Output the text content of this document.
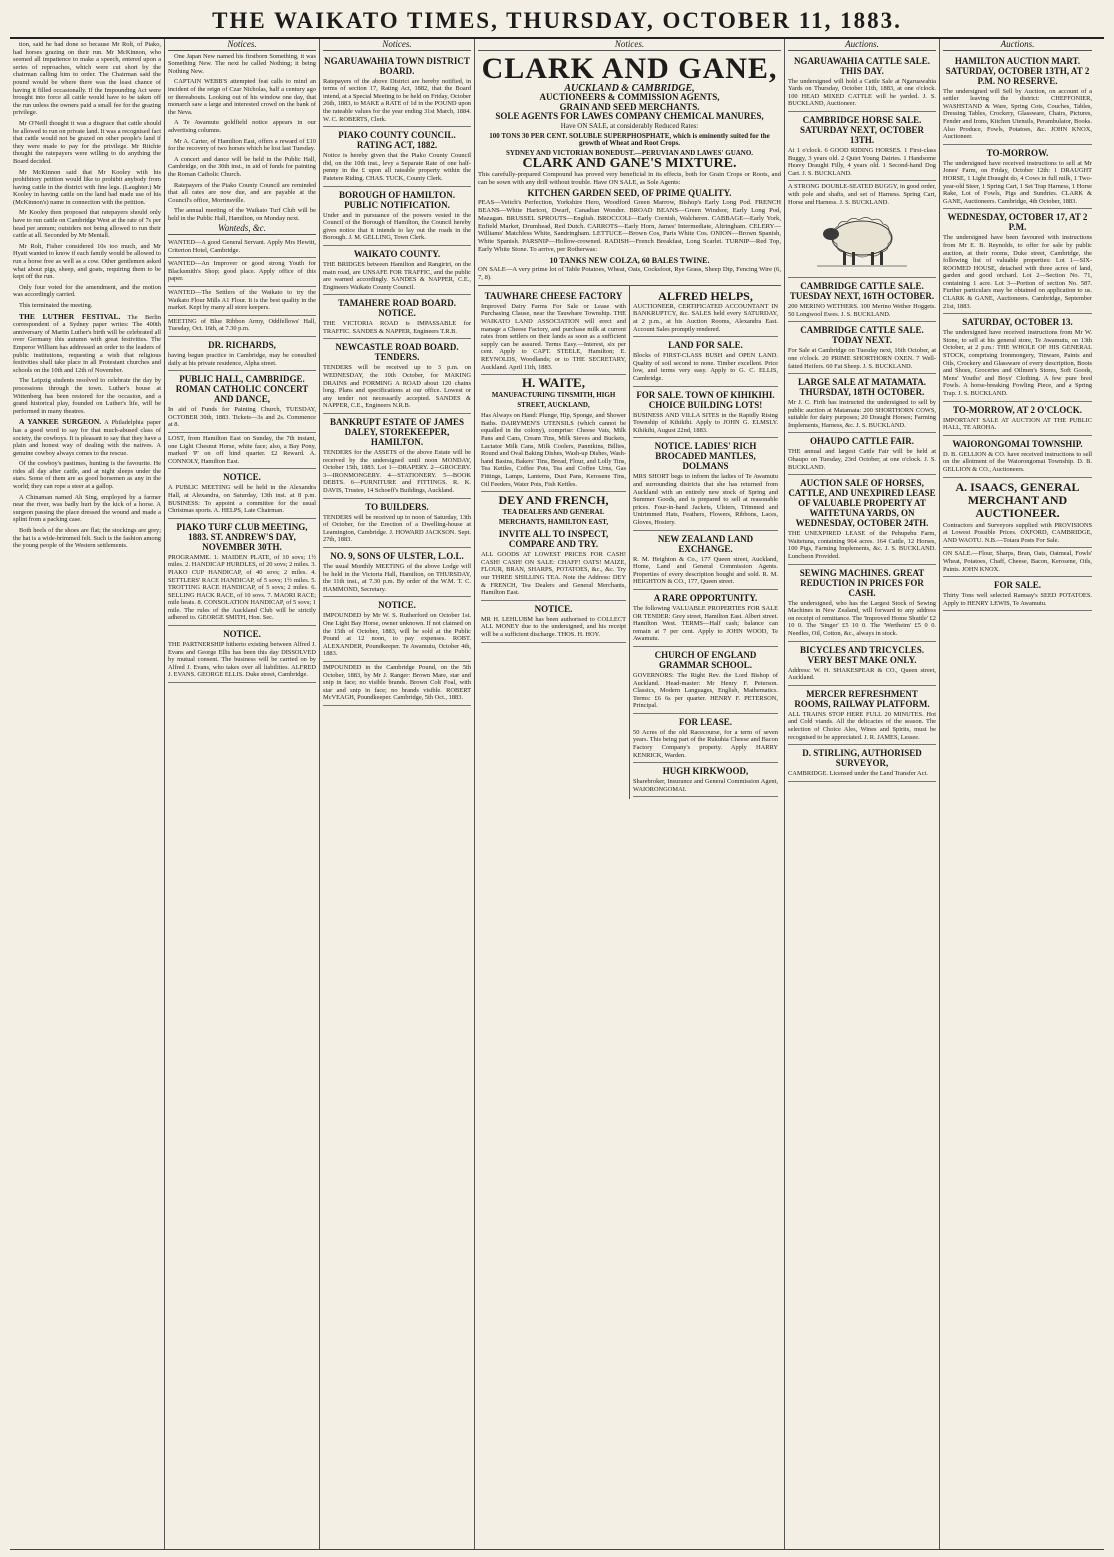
THE WAIKATO TIMES, THURSDAY, OCTOBER 11, 1883.

tion, said he had done so because Mr Rolt, of Piako, had horses grazing on their run. Mr McKinnon, who seemed all impatience to make a speech, entered upon a series of reproaches, which were cut short by the chairman calling him to order. The Chairman said the pound would be where there was the least chance of having it filled occasionally. If the Impounding Act were brought into force all cattle would have to be taken off the run unless the owners paid a small fee for the grazing privilege.

Mr O'Neill thought it was a disgrace that cattle should be allowed to run on private land. It was a recognised fact that cattle would not be grazed on other people's land if they were made to pay for the privilege. Mr Ritchie thought the ratepayers were willing to do anything the Board decided.

Mr McKinnon said that Mr Kooley with his prohibitory petition would like to prohibit anybody from having cattle in the district with fine legs. (Laughter.) Mr Kooley in having cattle on the land had made use of his (McKinnon's) name in connection with the petition.

Mr Kooley then proposed that ratepayers should only have to run cattle on Cambridge West at the rate of 7s per head per annum; outsiders not being allowed to run their cattle at all. Seconded by Mr Mentall.

Mr Rolt, Fisher considered 10s too much, and Mr Hyatt wanted to know if each family would be allowed to run a horse free as well as a cow. Other gentlemen asked what about pigs, sheep, and goats, requiring them to be kept off the run.

Only four voted for the amendment, and the motion was accordingly carried.

This terminated the meeting.

THE LUTHER FESTIVAL. The Berlin correspondent of a Sydney paper writes: The 400th anniversary of Martin Luther's birth will be celebrated all over Germany this autumn with great festivities. The Emperor William has addressed an order to the leaders of public institutions, requesting a wish that religious festivities shall take place in all Protestant churches and schools on the 10th and 12th of November.

The Leipzig students resolved to celebrate the day by processions through the town. Luther's house at Wittenberg has been restored for the occasion, and a grand historical play, founded on Luther's life, will be performed in many theatres.

A YANKEE SURGEON. A Philadelphia paper has a good word to say for that much-abused class of society, the cowboys. It is pleasant to say that they have a plain and honest way of dealing with the natives. A genuine cowboy always comes to the rescue.

Of the cowboy's pastimes, hunting is the favourite. He rides all day after cattle, and at night sleeps under the stars. Some of them are as good horsemen as any in the world; they can rope a steer at a gallop.

A Chinaman named Ah Sing, employed by a farmer near the river, was badly hurt by the kick of a horse. A surgeon passing the place dressed the wound and made a splint from a packing case.

Both heels of the shoes are flat; the stockings are grey; the hat is a wide-brimmed felt. Such is the fashion among the young people of the Western settlements.

Notices.

One Japan New named his firstborn Something, it was Something New. The next he called Nothing; it being Nothing New.

CAPTAIN WEBB'S attempted feat calls to mind an incident of the reign of Czar Nicholas, half a century ago or thereabouts. Looking out of his window one day, that monarch saw a large and interested crowd on the bank of the Neva.

A Te Awamutu goldfield notice appears in our advertising columns.

Mr A. Carter, of Hamilton East, offers a reward of £10 for the recovery of two horses which he lost last Tuesday.

A concert and dance will be held in the Public Hall, Cambridge, on the 30th inst., in aid of funds for painting the Roman Catholic Church.

Ratepayers of the Piako County Council are reminded that all rates are now due, and are payable at the Council's office, Morrinsville.

The annual meeting of the Waikato Turf Club will be held in the Public Hall, Hamilton, on Monday next.

Wanteds, &c.
WANTED—A good General Servant. Apply Mrs Hewitt, Criterion Hotel, Cambridge.
WANTED—An Improver or good strong Youth for Blacksmith's Shop; good place. Apply office of this paper.
WANTED—The Settlers of the Waikato to try the Waikato Flour Mills A1 Flour. It is the best quality in the market. Kept by many all store keepers.
MEETING of Blue Ribbon Army, Oddfellows' Hall, Tuesday, Oct. 16th, at 7.30 p.m.
DR. RICHARDS,
having begun practice in Cambridge, may be consulted daily at his private residence, Alpha street.
PUBLIC HALL, CAMBRIDGE. ROMAN CATHOLIC CONCERT AND DANCE,
In aid of Funds for Painting Church, TUESDAY, OCTOBER 30th, 1883. Tickets—3s and 2s. Commence at 8.
LOST, from Hamilton East on Sunday, the 7th instant, one Light Chesnut Horse, white face; also, a Bay Pony, marked 'P' on off hind quarter. £2 Reward. A. CONNOLY, Hamilton East.
NOTICE.
A PUBLIC MEETING will be held in the Alexandra Hall, at Alexandra, on Saturday, 13th inst. at 8 p.m. BUSINESS: To appoint a committee for the usual Christmas sports. A. HELPS, Late Chairman.
PIAKO TURF CLUB MEETING, 1883. ST. ANDREW'S DAY, NOVEMBER 30TH.
PROGRAMME. 1. MAIDEN PLATE, of 10 sovs; 1½ miles. 2. HANDICAP HURDLES, of 20 sovs; 2 miles. 3. PIAKO CUP HANDICAP, of 40 sovs; 2 miles. 4. SETTLERS' RACE HANDICAP, of 5 sovs; 1½ miles. 5. TROTTING RACE HANDICAP, of 5 sovs; 2 miles. 6. SELLING HACK RACE, of 10 sovs. 7. MAORI RACE; mile heats. 8. CONSOLATION HANDICAP, of 5 sovs; 1 mile. The rules of the Auckland Club will be strictly adhered to. GEORGE SMITH, Hon. Sec.
NOTICE.
THE PARTNERSHIP hitherto existing between Alfred J. Evans and George Ellis has been this day DISSOLVED by mutual consent. The business will be carried on by Alfred J. Evans, who takes over all liabilities. ALFRED J. EVANS. GEORGE ELLIS. Duke street, Cambridge.
Notices.
NGARUAWAHIA TOWN DISTRICT BOARD.
Ratepayers of the above District are hereby notified, in terms of section 17, Rating Act, 1882, that the Board intend, at a Special Meeting to be held on Friday, October 26th, 1883, to MAKE a RATE of 1d in the POUND upon the rateable values for the year ending 31st March, 1884. W. C. ROBERTS, Clerk.
PIAKO COUNTY COUNCIL. RATING ACT, 1882.
Notice is hereby given that the Piako County Council did, on the 10th inst., levy a Separate Rate of one half-penny in the £ upon all rateable property within the Patetere Riding. CHAS. TUCK, County Clerk.
BOROUGH OF HAMILTON. PUBLIC NOTIFICATION.
Under and in pursuance of the powers vested in the Council of the Borough of Hamilton, the Council hereby gives notice that it intends to lay out the roads in the Borough. J. M. GELLING, Town Clerk.
WAIKATO COUNTY.
THE BRIDGES between Hamilton and Rangiriri, on the main road, are UNSAFE FOR TRAFFIC, and the public are warned accordingly. SANDES & NAPPER, C.E., Engineers Waikato County Council.
TAMAHERE ROAD BOARD. NOTICE.
THE VICTORIA ROAD is IMPASSABLE for TRAFFIC. SANDES & NAPPER, Engineers T.R.B.
NEWCASTLE ROAD BOARD. TENDERS.
TENDERS will be received up to 3 p.m. on WEDNESDAY, the 10th October, for MAKING DRAINS and FORMING A ROAD about 120 chains long. Plans and specifications at our office. Lowest or any tender not necessarily accepted. SANDES & NAPPER, C.E., Engineers N.R.B.
BANKRUPT ESTATE OF JAMES DALEY, STOREKEEPER, HAMILTON.
TENDERS for the ASSETS of the above Estate will be received by the undersigned until noon MONDAY, October 15th, 1883. Lot 1—DRAPERY. 2—GROCERY. 3—IRONMONGERY. 4—STATIONERY. 5—BOOK DEBTS. 6—FURNITURE and FITTINGS. R. K. DAVIS, Trustee, 14 Schoeff's Buildings, Auckland.
TO BUILDERS.
TENDERS will be received up to noon of Saturday, 13th of October, for the Erection of a Dwelling-house at Leamington, Cambridge. J. HOWARD JACKSON. Sept. 27th, 1883.
NO. 9, SONS OF ULSTER, L.O.L.
The usual Monthly MEETING of the above Lodge will be held in the Victoria Hall, Hamilton, on THURSDAY, the 11th inst., at 7.30 p.m. By order of the W.M. T. C. HAMMOND, Secretary.
NOTICE.
IMPOUNDED by Mr W. S. Rutherford on October 1st. One Light Bay Horse, owner unknown. If not claimed on the 15th of October, 1883, will be sold at the Public Pound at 12 noon, to pay expenses. ROBT. ALEXANDER, Poundkeeper. Te Awamutu, October 4th, 1883.
IMPOUNDED in the Cambridge Pound, on the 5th October, 1883, by Mr J. Ranger: Brown Mare, star and snip in face; no visible brands. Brown Colt Foal, with star and snip in face; no brands visible. ROBERT McVEAGH, Poundkeeper. Cambridge, 5th Oct., 1883.
Notices.
CLARK AND GANE,
AUCKLAND & CAMBRIDGE,
AUCTIONEERS & COMMISSION AGENTS,
GRAIN AND SEED MERCHANTS.
SOLE AGENTS FOR LAWES COMPANY CHEMICAL MANURES,
Have ON SALE, at considerably Reduced Rates:
100 TONS 30 PER CENT. SOLUBLE SUPERPHOSPHATE, which is eminently suited for the growth of Wheat and Root Crops.
SYDNEY AND VICTORIAN BONEDUST.—PERUVIAN AND LAWES' GUANO.
CLARK AND GANE'S MIXTURE.

This carefully-prepared Compound has proved very beneficial in its effects, both for Grain Crops or Roots, and can be sown with any drill without trouble. Have ON SALE, as Sole Agents:

KITCHEN GARDEN SEED, OF PRIME QUALITY.

PEAS—Veitch's Perfection, Yorkshire Hero, Woodford Green Marrow, Bishop's Early Long Pod. FRENCH BEANS—White Haricot, Dwarf, Canadian Wonder. BROAD BEANS—Green Windsor, Early Long Pod, Mazagan. BRUSSEL SPROUTS—English. BROCCOLI—Early Cornish, Walcheren. CABBAGE—Early York, Enfield Market, Drumhead, Red Dutch. CARROTS—Early Horn, James' Intermediate, Altringham. CELERY—Williams' Matchless White, Sandringham. LETTUCE—Brown Cos, Paris White Cos. ONION—Brown Spanish, White Spanish. PARSNIP—Hollow-crowned. RADISH—French Breakfast, Long Scarlet. TURNIP—Red Top, Early White Stone. To arrive, per Rotherwas:

10 TANKS NEW COLZA, 60 BALES TWINE.

ON SALE—A very prime lot of Table Potatoes, Wheat, Oats, Cocksfoot, Rye Grass, Sheep Dip, Fencing Wire (6, 7, 8).

TAUWHARE CHEESE FACTORY
Improved Dairy Farms For Sale or Lease with Purchasing Clause, near the Tauwhare Township. THE WAIKATO LAND ASSOCIATION will erect and manage a Cheese Factory, and purchase milk at current rates from settlers on their lands as soon as a sufficient supply can be assured. Terms Easy.—Interest, six per cent. Apply to CAPT. STEELE, Hamilton; E. REYNOLDS, Woodlands; or to THE SECRETARY, Auckland. April 11th, 1883.
H. WAITE,
MANUFACTURING TINSMITH, HIGH STREET, AUCKLAND,
Has Always on Hand: Plunge, Hip, Sponge, and Shower Baths. DAIRYMEN'S UTENSILS (which cannot be equalled in the colony), comprise: Cheese Vats, Milk Pans and Cans, Cream Tins, Milk Sieves and Buckets, Lactator Milk Cans, Milk Coolers, Pannikins, Billies, Round and Oval Baking Dishes, Wash-up Dishes, Wash-hand Basins, Bakers' Tins, Bread, Flour, and Lolly Tins, Tea Kettles, Coffee Pots, Tea and Coffee Urns, Gas Fittings, Lamps, Lanterns, Dust Pans, Kerosene Tins, Oil Feeders, Water Pots, Fish Kettles.
DEY AND FRENCH,
TEA DEALERS AND GENERAL MERCHANTS, HAMILTON EAST,
INVITE ALL TO INSPECT, COMPARE AND TRY.
ALL GOODS AT LOWEST PRICES FOR CASH! CASH! CASH! ON SALE: CHAFF! OATS! MAIZE, FLOUR, BRAN, SHARPS, POTATOES, &c., &c. Try our THREE SHILLING TEA. Note the Address: DEY & FRENCH, Tea Dealers and General Merchants, Hamilton East.
NOTICE.
MR H. LEHLUBM has been authorised to COLLECT ALL MONEY due to the undersigned, and his receipt will be a sufficient discharge. THOS. H. HOY.
ALFRED HELPS,
AUCTIONEER, CERTIFICATED ACCOUNTANT IN BANKRUPTCY, &c. SALES held every SATURDAY, at 2 p.m., at his Auction Rooms, Alexandra East. Account Sales promptly rendered.
LAND FOR SALE.
Blocks of FIRST-CLASS BUSH and OPEN LAND. Quality of soil second to none. Timber excellent. Price low, and terms very easy. Apply to G. C. ELLIS, Cambridge.
FOR SALE. TOWN OF KIHIKIHI. CHOICE BUILDING LOTS!
BUSINESS AND VILLA SITES in the Rapidly Rising Township of Kihikihi. Apply to JOHN G. ELMSLY. Kihikihi, August 22nd, 1883.
NOTICE. LADIES' RICH BROCADED MANTLES, DOLMANS
MRS SHORT begs to inform the ladies of Te Awamutu and surrounding districts that she has returned from Auckland with an entirely new stock of Spring and Summer Goods, and is prepared to sell at reasonable prices. Four-in-hand Jackets, Ulsters, Trimmed and Untrimmed Hats, Feathers, Flowers, Ribbons, Laces, Gloves, Hosiery.
NEW ZEALAND LAND EXCHANGE.
R. M. Heighton & Co., 177 Queen street, Auckland, Home, Land and General Commission Agents. Properties of every description bought and sold. R. M. HEIGHTON & CO., 177, Queen street.
A RARE OPPORTUNITY.
The following VALUABLE PROPERTIES FOR SALE OR TENDER: Grey street, Hamilton East. Albert street. Hamilton West. TERMS—Half cash; balance can remain at 7 per cent. Apply to JOHN WOOD, Te Awamutu.
CHURCH OF ENGLAND GRAMMAR SCHOOL.
GOVERNORS: The Right Rev. the Lord Bishop of Auckland. Head-master: Mr Henry F. Peterson. Classics, Modern Languages, English, Mathematics. Terms: £6 6s per quarter. HENRY F. PETERSON, Principal.
FOR LEASE.
50 Acres of the old Racecourse, for a term of seven years. This being part of the Rukuhia Cheese and Bacon Factory Company's property. Apply HARRY KENRICK, Warden.
HUGH KIRKWOOD,
Sharebroker, Insurance and General Commission Agent, WAIORONGOMAI.
Auctions.
NGARUAWAHIA CATTLE SALE. THIS DAY.
The undersigned will hold a Cattle Sale at Ngaruawahia Yards on Thursday, October 11th, 1883, at one o'clock. 100 HEAD MIXED CATTLE will be yarded. J. S. BUCKLAND, Auctioneer.
CAMBRIDGE HORSE SALE. SATURDAY NEXT, OCTOBER 13TH.
At 1 o'clock. 6 GOOD RIDING HORSES. 1 First-class Buggy, 3 years old. 2 Quiet Young Dairies. 1 Handsome Heavy Draught Filly, 4 years old. 1 Second-hand Dog Cart. J. S. BUCKLAND.
A STRONG DOUBLE-SEATED BUGGY, in good order, with pole and shafts, and set of Harness. Spring Cart, Horse and Harness. J. S. BUCKLAND.
CAMBRIDGE CATTLE SALE. TUESDAY NEXT, 16TH OCTOBER.
200 MERINO WETHERS. 100 Merino Wether Hoggets. 50 Longwool Ewes. J. S. BUCKLAND.
CAMBRIDGE CATTLE SALE. TODAY NEXT.
For Sale at Cambridge on Tuesday next, 16th October, at one o'clock. 20 PRIME SHORTHORN OXEN. 7 Well-fatted Heifers. 60 Fat Sheep. J. S. BUCKLAND.
LARGE SALE AT MATAMATA. THURSDAY, 18TH OCTOBER.
Mr J. C. Firth has instructed the undersigned to sell by public auction at Matamata: 200 SHORTHORN COWS, suitable for dairy purposes; 20 Draught Horses; Farming Implements, Harness, &c. J. S. BUCKLAND.
OHAUPO CATTLE FAIR.
THE annual and largest Cattle Fair will be held at Ohaupo on Tuesday, 23rd October, at one o'clock. J. S. BUCKLAND.
AUCTION SALE OF HORSES, CATTLE, AND UNEXPIRED LEASE OF VALUABLE PROPERTY AT WAITETUNA YARDS, ON WEDNESDAY, OCTOBER 24TH.
THE UNEXPIRED LEASE of the Pehupehu Farm, Waitetuna, containing 964 acres. 164 Cattle, 12 Horses, 100 Pigs, Farming Implements, &c. J. S. BUCKLAND. Luncheon Provided.
SEWING MACHINES. GREAT REDUCTION IN PRICES FOR CASH.
The undersigned, who has the Largest Stock of Sewing Machines in New Zealand, will forward to any address on receipt of remittance. The 'Improved Home Shuttle' £2 10 0. The 'Singer' £5 10 0. The 'Wertheim' £5 0 0. Needles, Oil, Cotton, &c., always in stock.
BICYCLES AND TRICYCLES. VERY BEST MAKE ONLY.
Address: W. H. SHAKESPEAR & CO., Queen street, Auckland.
MERCER REFRESHMENT ROOMS, RAILWAY PLATFORM.
ALL TRAINS STOP HERE FULL 20 MINUTES. Hot and Cold viands. All the delicacies of the season. The selection of Choice Ales, Wines and Spirits, must be recognised to be appreciated. J. R. JAMES, Lessee.
D. STIRLING, AUTHORISED SURVEYOR,
CAMBRIDGE. Licensed under the Land Transfer Act.
Auctions.
HAMILTON AUCTION MART. SATURDAY, OCTOBER 13TH, AT 2 P.M. NO RESERVE.
The undersigned will Sell by Auction, on account of a settler leaving the district: CHEFFONIER, WASHSTAND & Ware, Spring Cots, Couches, Tables, Dressing Tables, Crockery, Glassware, Chairs, Pictures, Fender and Irons, Kitchen Utensils, Perambulator, Books. Also Produce, Fowls, Potatoes, &c. JOHN KNOX, Auctioneer.
TO-MORROW.
The undersigned have received instructions to sell at Mr Jones' Farm, on Friday, October 12th: 1 DRAUGHT HORSE, 1 Light Draught do, 4 Cows in full milk, 1 Two-year-old Steer, 1 Spring Cart, 1 Set Trap Harness, 1 Horse Rake, Lot of Fowls, Pigs and Sundries. CLARK & GANE, Auctioneers. Cambridge, 4th October, 1883.
WEDNESDAY, OCTOBER 17, AT 2 P.M.
The undersigned have been favoured with instructions from Mr E. B. Reynolds, to offer for sale by public auction, at their rooms, Duke street, Cambridge, the following list of valuable properties: Lot 1—SIX-ROOMED HOUSE, detached with three acres of land, garden and good orchard. Lot 2—Section No. 71, containing 1 acre. Lot 3—Portion of section No. 587. Further particulars may be obtained on application to us. CLARK & GANE, Auctioneers. Cambridge, September 21st, 1883.
SATURDAY, OCTOBER 13.
The undersigned have received instructions from Mr W. Stone, to sell at his general store, Te Awamutu, on 13th October, at 2 p.m.: THE WHOLE OF HIS GENERAL STOCK, comprising Ironmongery, Tinware, Paints and Oils, Crockery and Glassware of every description, Boots and Shoes, Groceries and Oilmen's Stores, Soft Goods, Mens' Youths' and Boys' Clothing. A few pure bred Fowls. A horse-breaking Fowling Piece, and a Spring Trap. J. S. BUCKLAND.
TO-MORROW, AT 2 O'CLOCK.
IMPORTANT SALE AT AUCTION AT THE PUBLIC HALL, TE AROHA.
WAIORONGOMAI TOWNSHIP.
D. B. GELLION & CO. have received instructions to sell on the allotment of the Waiorongomai Township. D. B. GELLION & CO., Auctioneers.
A. ISAACS, GENERAL MERCHANT AND AUCTIONEER.
Contractors and Surveyors supplied with PROVISIONS at Lowest Possible Prices. OXFORD, CAMBRIDGE, AND WAOTU. N.B.—Totara Posts For Sale.
ON SALE.—Flour, Sharps, Bran, Oats, Oatmeal, Fowls' Wheat, Potatoes, Chaff, Cheese, Bacon, Kerosene, Oils, Paints. JOHN KNOX.
FOR SALE.
Thirty Tons well selected Ramsay's SEED POTATOES. Apply to HENRY LEWIS, Te Awamutu.
